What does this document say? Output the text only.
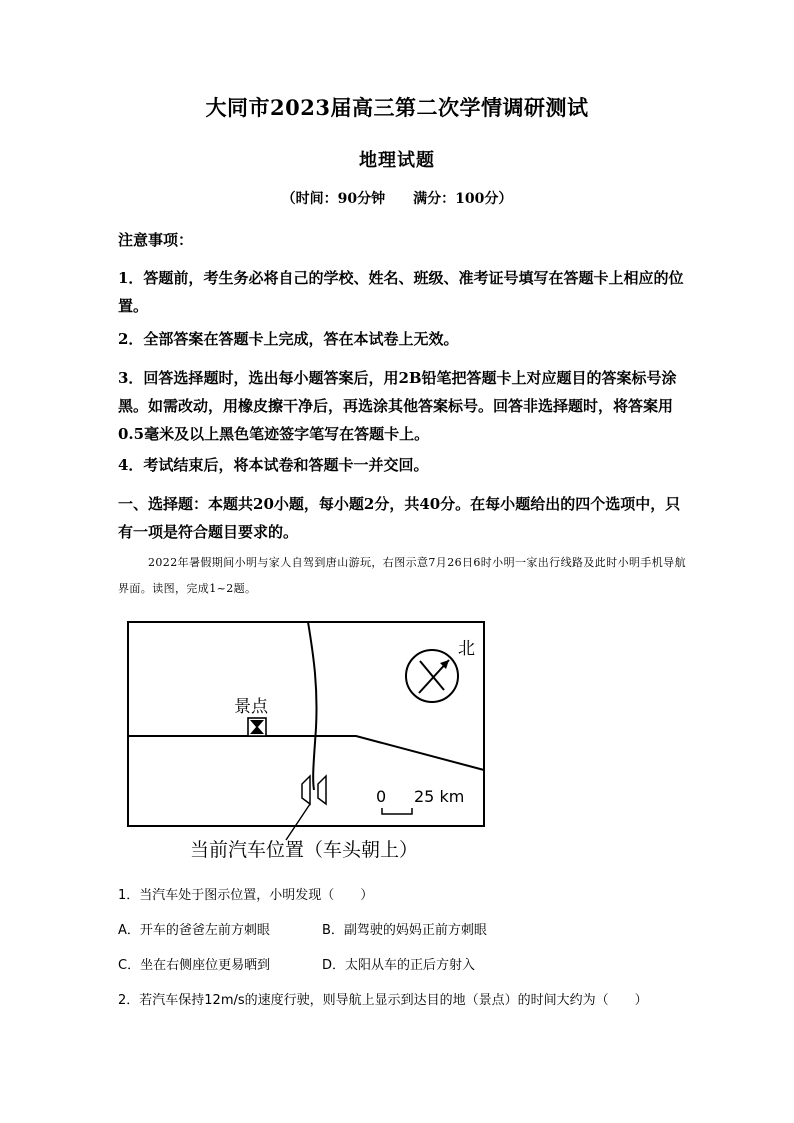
大同市2023届高三第二次学情调研测试
地理试题
（时间：90分钟 满分：100分）
注意事项：
1．答题前，考生务必将自己的学校、姓名、班级、准考证号填写在答题卡上相应的位置。
2．全部答案在答题卡上完成，答在本试卷上无效。
3．回答选择题时，选出每小题答案后，用2B铅笔把答题卡上对应题目的答案标号涂黑。如需改动，用橡皮擦干净后，再选涂其他答案标号。回答非选择题时，将答案用0.5毫米及以上黑色笔迹签字笔写在答题卡上。
4．考试结束后，将本试卷和答题卡一并交回。
一、选择题：本题共20小题，每小题2分，共40分。在每小题给出的四个选项中，只有一项是符合题目要求的。
2022年暑假期间小明与家人自驾到唐山游玩，右图示意7月26日6时小明一家出行线路及此时小明手机导航界面。读图，完成1~2题。
北
景点
0 25 km
当前汽车位置（车头朝上）
1．当汽车处于图示位置，小明发现（　　）
A．开车的爸爸左前方刺眼	B．副驾驶的妈妈正前方刺眼
C．坐在右侧座位更易晒到	D．太阳从车的正后方射入
2．若汽车保持12m/s的速度行驶，则导航上显示到达目的地（景点）的时间大约为（　　）
